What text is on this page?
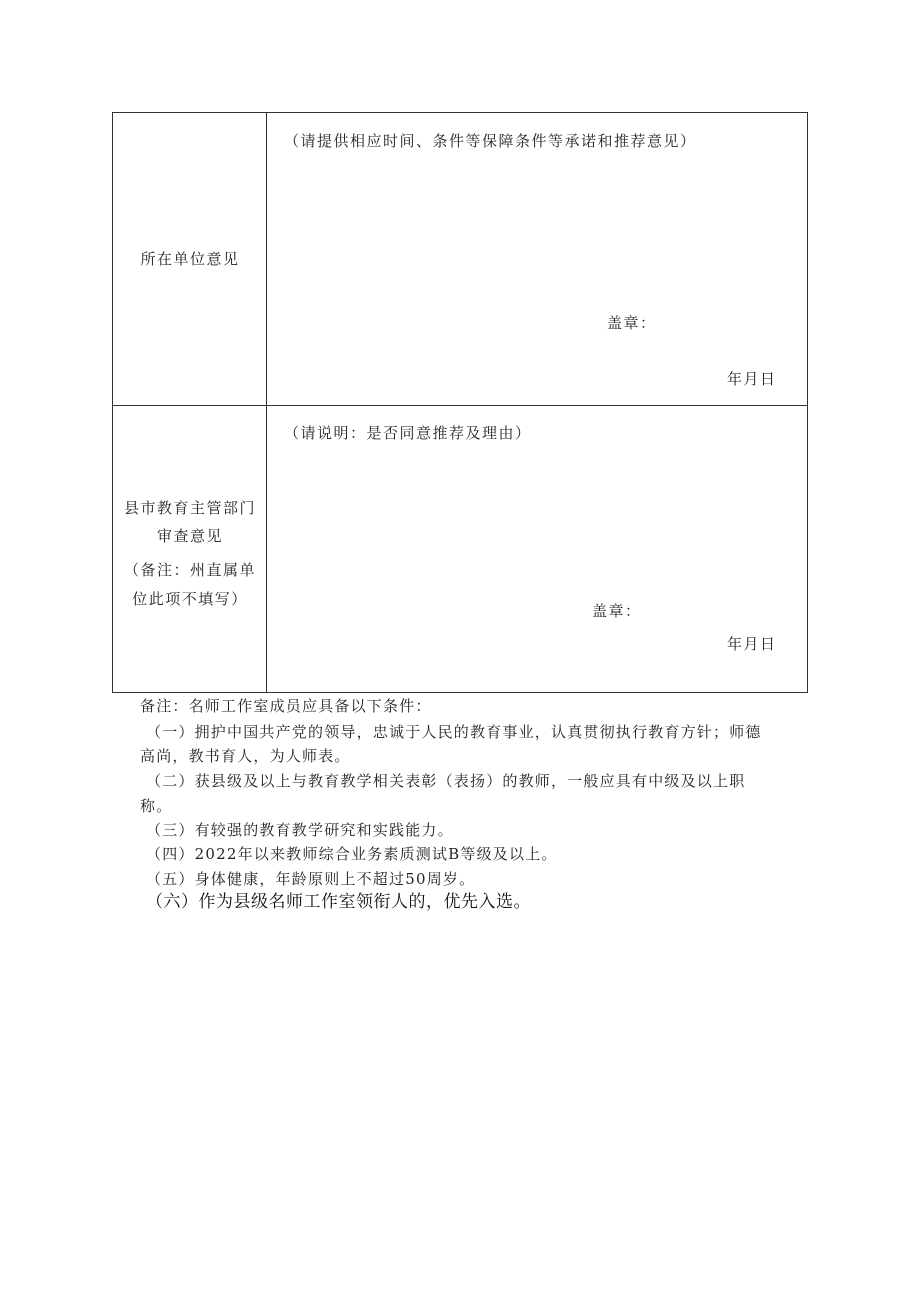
所在单位意见
（请提供相应时间、条件等保障条件等承诺和推荐意见）
盖章：
年月日
县市教育主管部门
审查意见
（备注：州直属单
位此项不填写）
（请说明：是否同意推荐及理由）
盖章：
年月日
备注：名师工作室成员应具备以下条件：
（一）拥护中国共产党的领导，忠诚于人民的教育事业，认真贯彻执行教育方针；师德
高尚，教书育人，为人师表。
（二）获县级及以上与教育教学相关表彰（表扬）的教师，一般应具有中级及以上职
称。
（三）有较强的教育教学研究和实践能力。
（四）2022年以来教师综合业务素质测试B等级及以上。
（五）身体健康，年龄原则上不超过50周岁。
（六）作为县级名师工作室领衔人的，优先入选。
